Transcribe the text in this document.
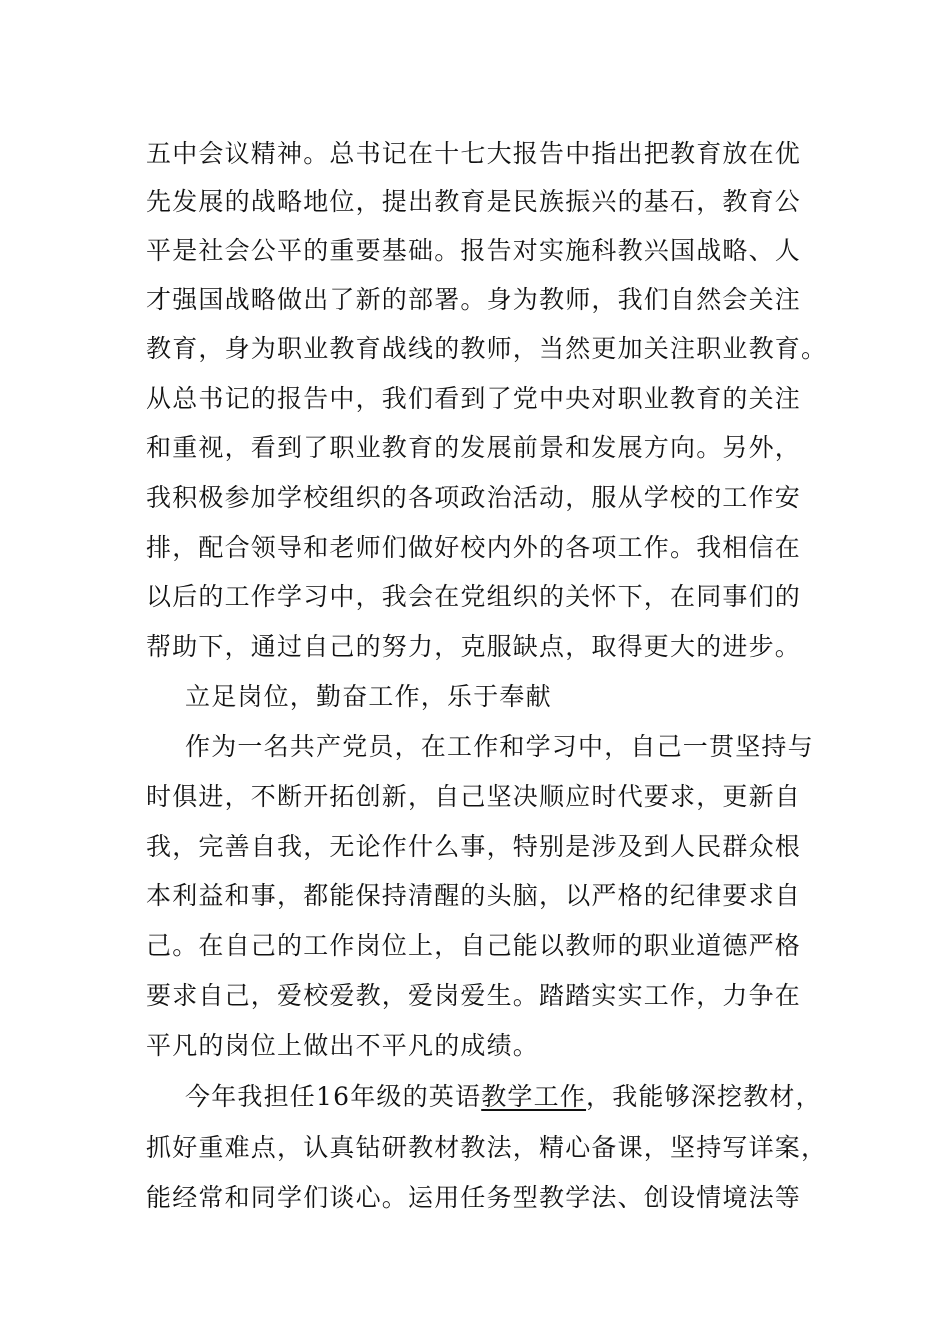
五中会议精神。总书记在十七大报告中指出把教育放在优
先发展的战略地位，提出教育是民族振兴的基石，教育公
平是社会公平的重要基础。报告对实施科教兴国战略、人
才强国战略做出了新的部署。身为教师，我们自然会关注
教育，身为职业教育战线的教师，当然更加关注职业教育。
从总书记的报告中，我们看到了党中央对职业教育的关注
和重视，看到了职业教育的发展前景和发展方向。另外，
我积极参加学校组织的各项政治活动，服从学校的工作安
排，配合领导和老师们做好校内外的各项工作。我相信在
以后的工作学习中，我会在党组织的关怀下，在同事们的
帮助下，通过自己的努力，克服缺点，取得更大的进步。
立足岗位，勤奋工作，乐于奉献
作为一名共产党员，在工作和学习中，自己一贯坚持与
时俱进，不断开拓创新，自己坚决顺应时代要求，更新自
我，完善自我，无论作什么事，特别是涉及到人民群众根
本利益和事，都能保持清醒的头脑，以严格的纪律要求自
己。在自己的工作岗位上，自己能以教师的职业道德严格
要求自己，爱校爱教，爱岗爱生。踏踏实实工作，力争在
平凡的岗位上做出不平凡的成绩。
今年我担任16年级的英语教学工作，我能够深挖教材，
抓好重难点，认真钻研教材教法，精心备课，坚持写详案，
能经常和同学们谈心。运用任务型教学法、创设情境法等
